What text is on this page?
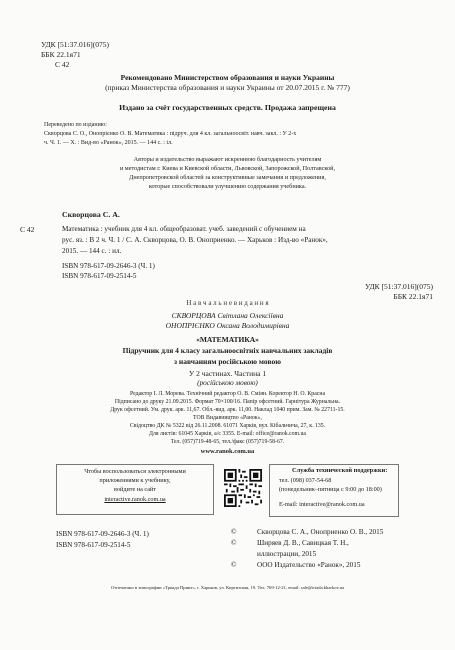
УДК [51:37.016](075)
ББК 22.1я71
С 42
Рекомендовано Министерством образования и науки Украины
(приказ Министерства образования и науки Украины от 20.07.2015 г. № 777)
Издано за счёт государственных средств. Продажа запрещена
Переведено по изданию:
Скворцова С. О., Онопрієнко О. В. Математика : підруч. для 4 кл. загальноосвіт. навч. закл. : У 2-х
ч. Ч. 1. — Х. : Вид-во «Ранок», 2015. — 144 с. : іл.
Авторы и издательство выражают искреннюю благодарность учителям
и методистам г. Киева и Киевской области, Львовской, Запорожской, Полтавской,
Днепропетровской областей за конструктивные замечания и предложения,
которые способствовали улучшению содержания учебника.
С 42
Скворцова С. А.
Математика : учебник для 4 кл. общеобразоват. учеб. заведений с обучением на
рус. яз. : В 2 ч. Ч. 1 / С. А. Скворцова, О. В. Оноприенко. — Харьков : Изд-во «Ранок»,
2015. — 144 с. : ил.
ISBN 978-617-09-2646-3 (Ч. 1)
ISBN 978-617-09-2514-5
УДК [51:37.016](075)
ББК 22.1я71
Н а в ч а л ь н е в и д а н н я
СКВОРЦОВА Світлана Олексіївна
ОНОПРІЄНКО Оксана Володимирівна
«МАТЕМАТИКА»
Підручник для 4 класу загальноосвітніх навчальних закладів
з навчанням російською мовою
У 2 частинах. Частина 1
(російською мовою)
Редактор І. Л. Морева. Технічний редактор О. В. Сміян. Коректор Н. О. Красна
Підписано до друку 21.09.2015. Формат 70×100/16. Папір офсетний. Гарнітура Журнальна.
Друк офсетний. Ум. друк. арк. 11,67. Обл.-вид. арк. 11,00. Наклад 1040 прим. Зам. № 22711-15.
ТОВ Видавництво «Ранок»,
Свідоцтво ДК № 5322 від 26.11.2008. 61071 Харків, вул. Кібальчича, 27, к. 135.
Для листів: 61045 Харків, а/с 3355. E-mail: office@ranok.com.ua
Тел. (057)719-48-65, тел./факс (057)719-58-67.
www.ranok.com.ua
Чтобы воспользоваться электронными
приложениями к учебнику,
войдите на сайт
interactive.ranok.com.ua
Служба технической поддержки:
тел. (098) 037-54-68
(понедельник–пятница с 9:00 до 18:00)
E-mail: interactive@ranok.com.ua
ISBN 978-617-09-2646-3 (Ч. 1)
ISBN 978-617-09-2514-5
©	Скворцова С. А., Оноприенко О. В., 2015
©	Ширяев Д. В., Савицкая Т. Н.,
иллюстрации, 2015
©	ООО Издательство «Ранок», 2015
Отпечатано в типографии «Триада Принт», г. Харьков, ул. Киргизская, 19. Тел. 769-12-21, email: sale@triada.kharkov.ua
